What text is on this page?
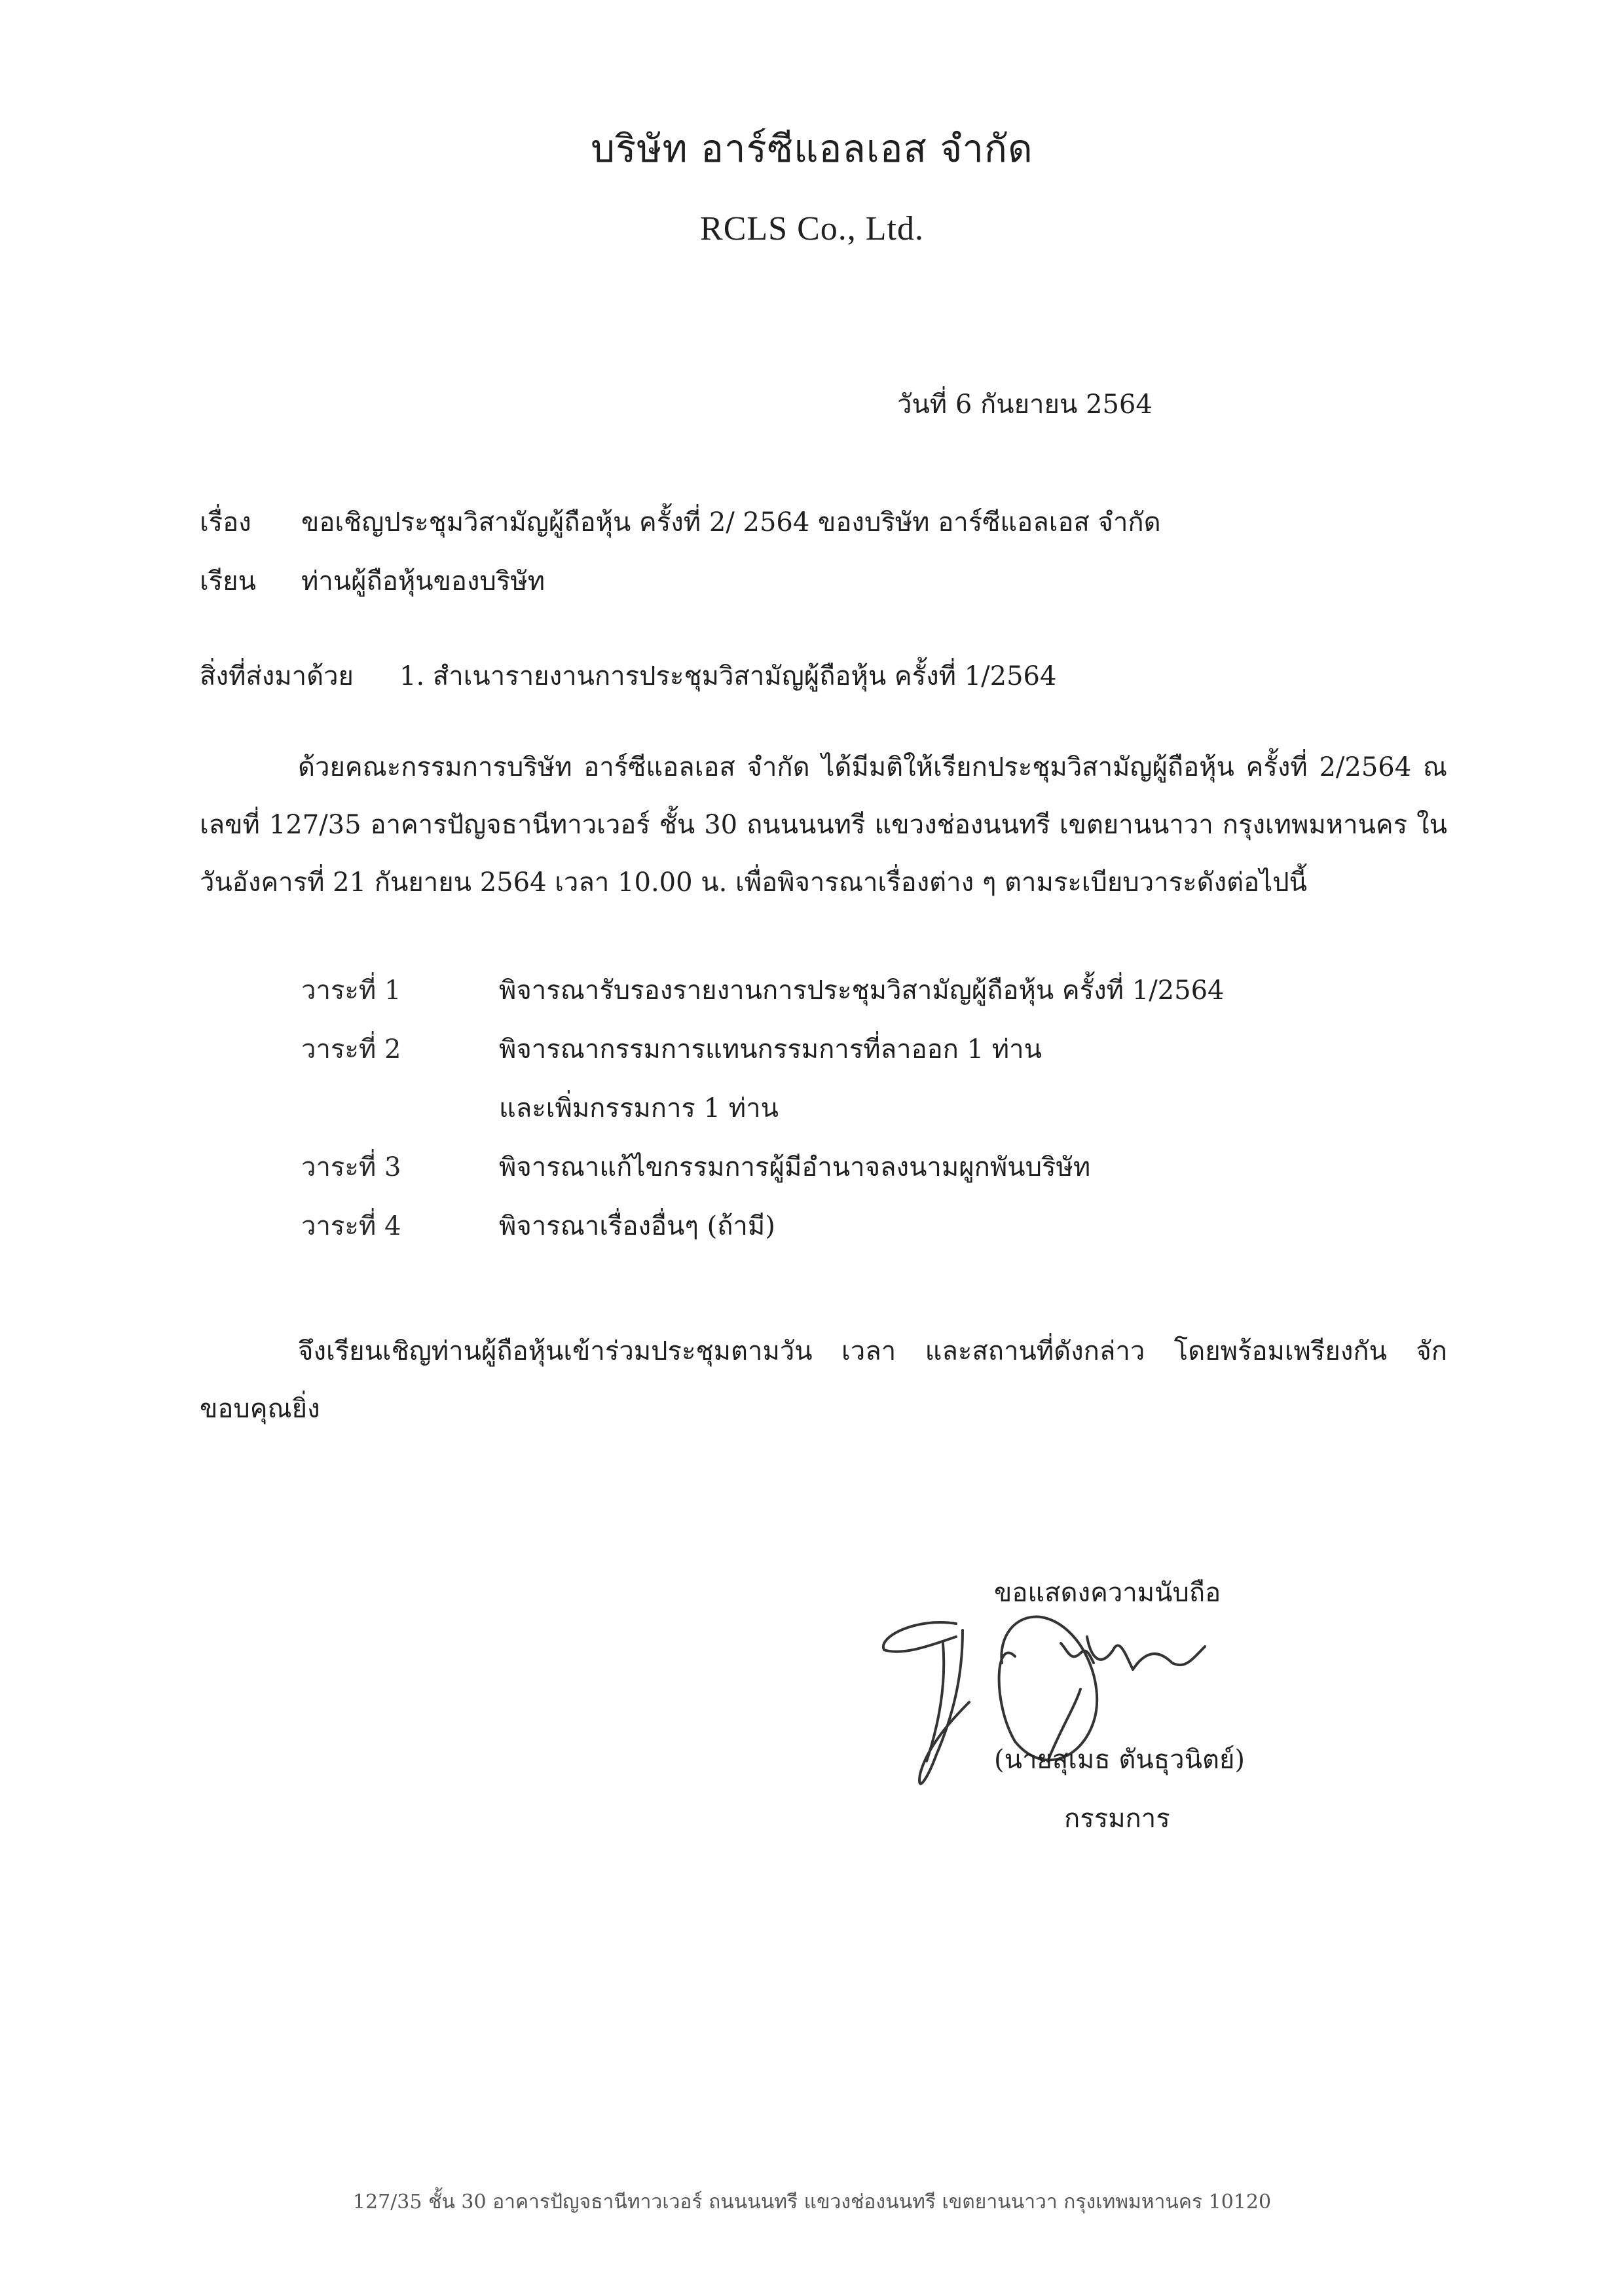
บริษัท อาร์ซีแอลเอส จำกัด
RCLS Co., Ltd.
วันที่ 6 กันยายน 2564
เรื่อง ขอเชิญประชุมวิสามัญผู้ถือหุ้น ครั้งที่ 2/ 2564 ของบริษัท อาร์ซีแอลเอส จำกัด
เรียน ท่านผู้ถือหุ้นของบริษัท
สิ่งที่ส่งมาด้วย 1. สำเนารายงานการประชุมวิสามัญผู้ถือหุ้น ครั้งที่ 1/2564
ด้วยคณะกรรมการบริษัท อาร์ซีแอลเอส จำกัด ได้มีมติให้เรียกประชุมวิสามัญผู้ถือหุ้น ครั้งที่ 2/2564 ณ เลขที่ 127/35 อาคารปัญจธานีทาวเวอร์ ชั้น 30 ถนนนนทรี แขวงช่องนนทรี เขตยานนาวา กรุงเทพมหานคร ในวันอังคารที่ 21 กันยายน 2564 เวลา 10.00 น. เพื่อพิจารณาเรื่องต่าง ๆ ตามระเบียบวาระดังต่อไปนี้
วาระที่ 1	พิจารณารับรองรายงานการประชุมวิสามัญผู้ถือหุ้น ครั้งที่ 1/2564
วาระที่ 2	พิจารณากรรมการแทนกรรมการที่ลาออก 1 ท่าน
และเพิ่มกรรมการ 1 ท่าน
วาระที่ 3	พิจารณาแก้ไขกรรมการผู้มีอำนาจลงนามผูกพันบริษัท
วาระที่ 4	พิจารณาเรื่องอื่นๆ (ถ้ามี)
จึงเรียนเชิญท่านผู้ถือหุ้นเข้าร่วมประชุมตามวัน เวลา และสถานที่ดังกล่าว โดยพร้อมเพรียงกัน จักขอบคุณยิ่ง
ขอแสดงความนับถือ
(นายสุเมธ ตันธุวนิตย์)
กรรมการ
127/35 ชั้น 30 อาคารปัญจธานีทาวเวอร์ ถนนนนทรี แขวงช่องนนทรี เขตยานนาวา กรุงเทพมหานคร 10120
